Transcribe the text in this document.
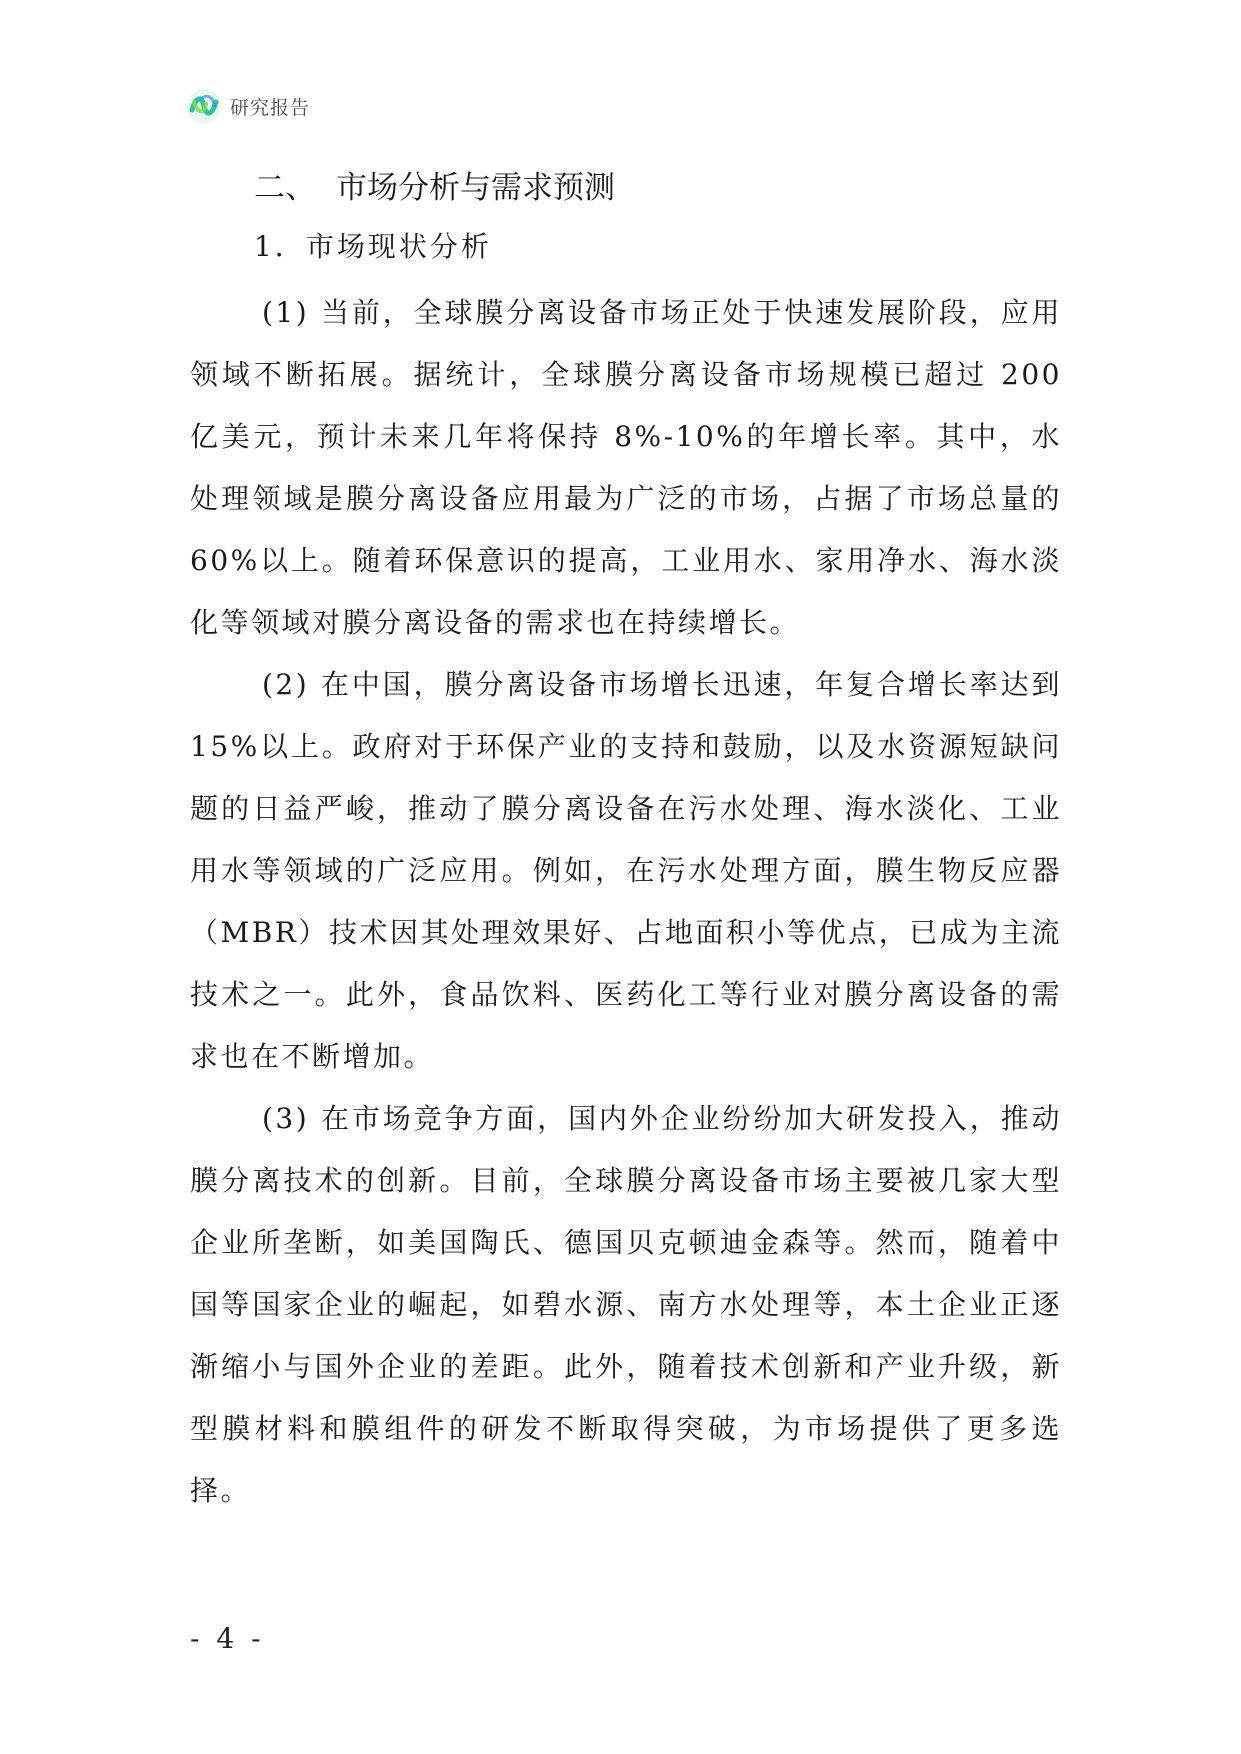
研究报告
二、 市场分析与需求预测
1．市场现状分析

(1) 当前，全球膜分离设备市场正处于快速发展阶段，应用领域不断拓展。据统计，全球膜分离设备市场规模已超过 200 亿美元，预计未来几年将保持 8%-10%的年增长率。其中，水处理领域是膜分离设备应用最为广泛的市场，占据了市场总量的 60%以上。随着环保意识的提高，工业用水、家用净水、海水淡化等领域对膜分离设备的需求也在持续增长。

(2) 在中国，膜分离设备市场增长迅速，年复合增长率达到 15%以上。政府对于环保产业的支持和鼓励，以及水资源短缺问题的日益严峻，推动了膜分离设备在污水处理、海水淡化、工业用水等领域的广泛应用。例如，在污水处理方面，膜生物反应器（MBR）技术因其处理效果好、占地面积小等优点，已成为主流技术之一。此外，食品饮料、医药化工等行业对膜分离设备的需求也在不断增加。

(3) 在市场竞争方面，国内外企业纷纷加大研发投入，推动膜分离技术的创新。目前，全球膜分离设备市场主要被几家大型企业所垄断，如美国陶氏、德国贝克顿迪金森等。然而，随着中国等国家企业的崛起，如碧水源、南方水处理等，本土企业正逐渐缩小与国外企业的差距。此外，随着技术创新和产业升级，新型膜材料和膜组件的研发不断取得突破，为市场提供了更多选择。

- 4 -
